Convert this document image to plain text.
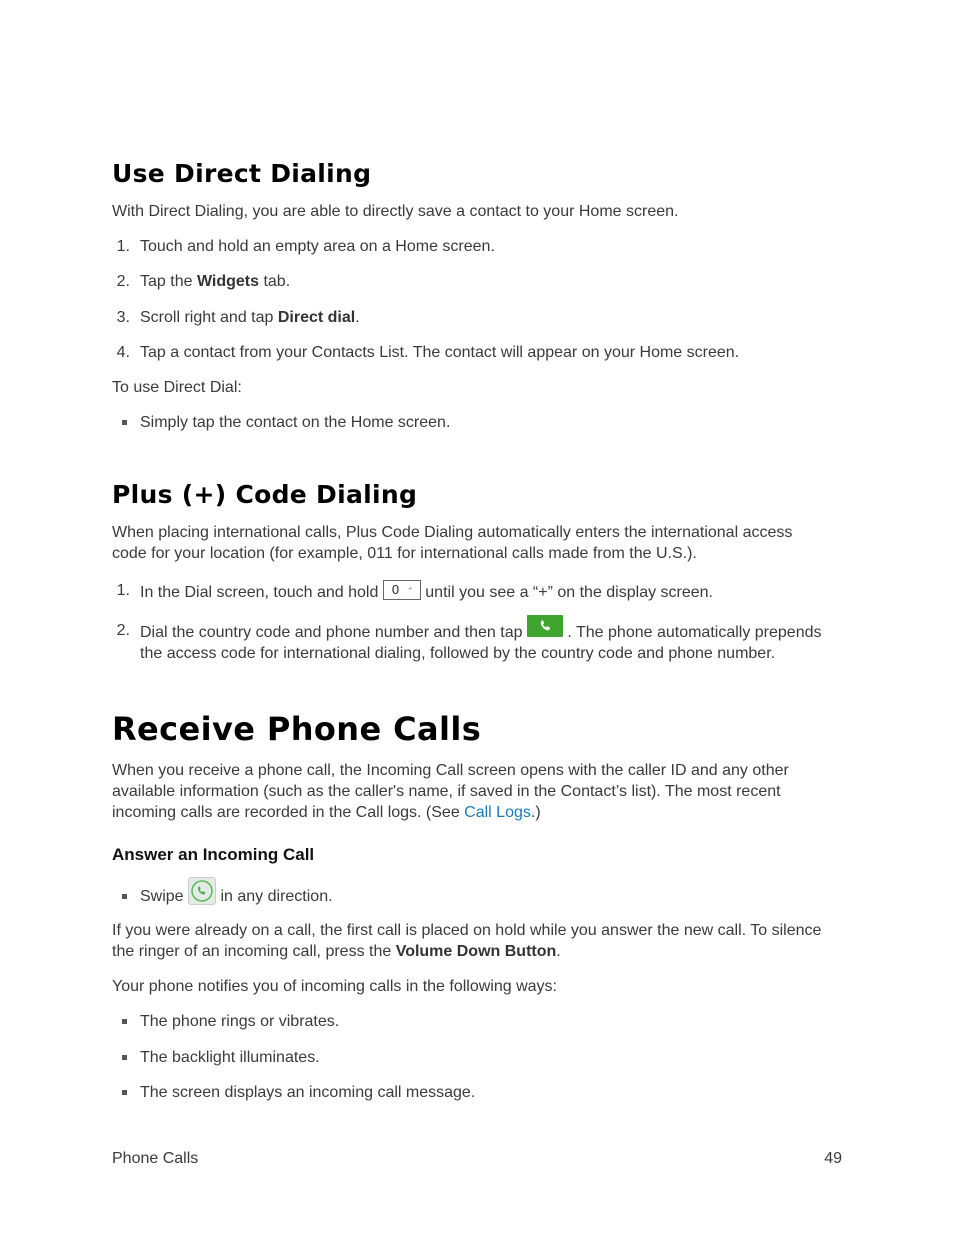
Use Direct Dialing

With Direct Dialing, you are able to directly save a contact to your Home screen.

1. Touch and hold an empty area on a Home screen.
2. Tap the Widgets tab.
3. Scroll right and tap Direct dial.
4. Tap a contact from your Contacts List. The contact will appear on your Home screen.

To use Direct Dial:

Simply tap the contact on the Home screen.
Plus (+) Code Dialing

When placing international calls, Plus Code Dialing automatically enters the international access

code for your location (for example, 011 for international calls made from the U.S.).

1. In the Dial screen, touch and hold 0 + until you see a “+” on the display screen.
2. Dial the country code and phone number and then tap	. The phone automatically prepends
the access code for international dialing, followed by the country code and phone number.
Receive Phone Calls

When you receive a phone call, the Incoming Call screen opens with the caller ID and any other

available information (such as the caller's name, if saved in the Contact’s list). The most recent

incoming calls are recorded in the Call logs. (See Call Logs.)

Answer an Incoming Call
Swipe in any direction.

If you were already on a call, the first call is placed on hold while you answer the new call. To silence

the ringer of an incoming call, press the Volume Down Button.

Your phone notifies you of incoming calls in the following ways:

The phone rings or vibrates.
The backlight illuminates.
The screen displays an incoming call message.
Phone Calls	49
